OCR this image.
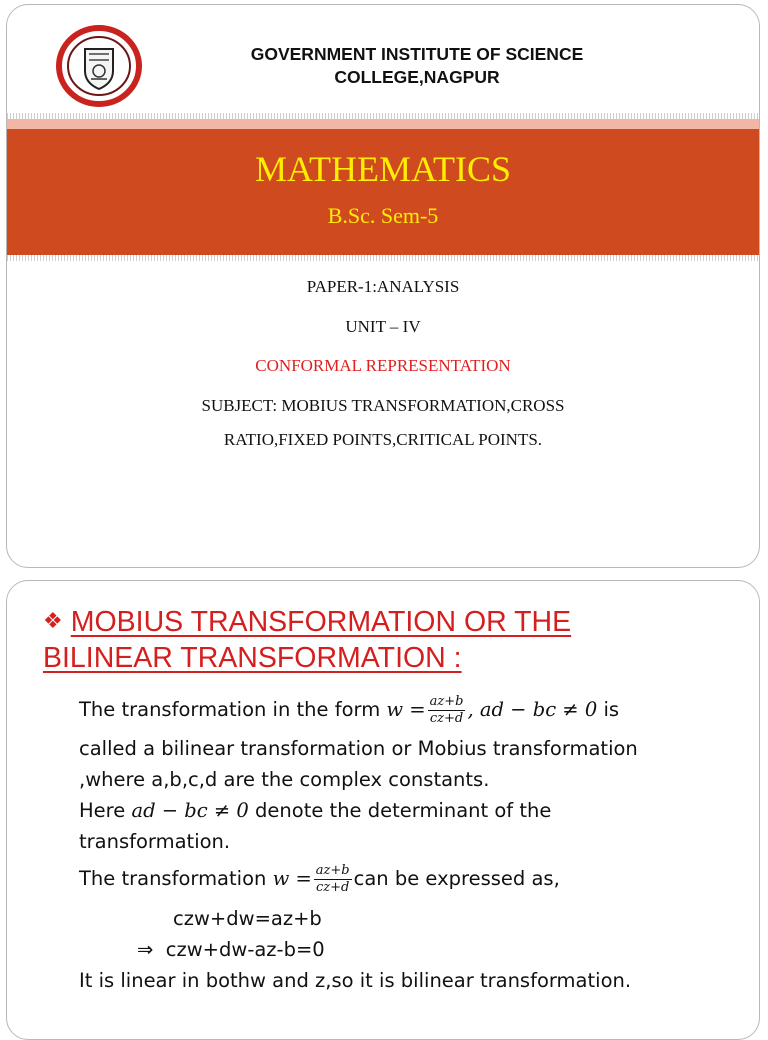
GOVERNMENT INSTITUTE OF SCIENCE
COLLEGE,NAGPUR
MATHEMATICS
B.Sc. Sem-5
PAPER-1:ANALYSIS
UNIT – IV
CONFORMAL REPRESENTATION
SUBJECT: MOBIUS TRANSFORMATION,CROSS
RATIO,FIXED POINTS,CRITICAL POINTS.
❖ MOBIUS TRANSFORMATION OR THE
BILINEAR TRANSFORMATION :
The transformation in the form $w = \frac{az+b}{cz+d}$ , ad − bc ≠ 0 is
called a bilinear transformation or Mobius transformation
,where a,b,c,d are the complex constants.
Here ad − bc ≠ 0 denote the determinant of the
transformation.
The transformation $w = \frac{az+b}{cz+d}$ can be expressed as,
czw+dw=az+b
⇒ czw+dw-az-b=0
It is linear in bothw and z,so it is bilinear transformation.
